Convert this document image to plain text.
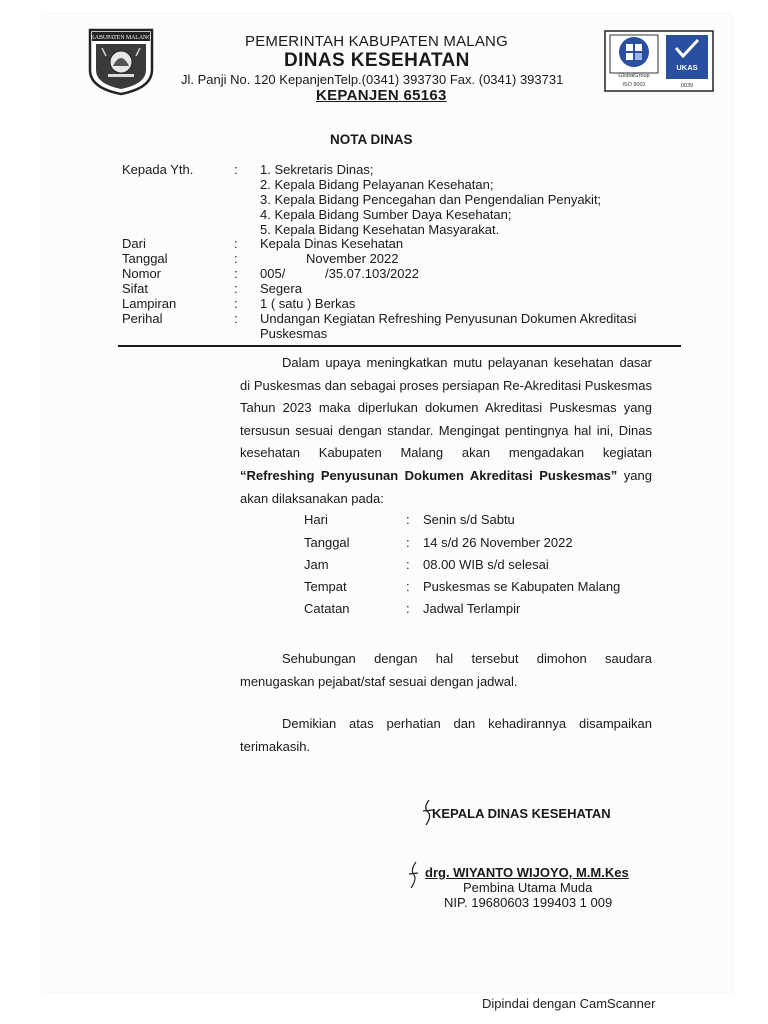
KABUPATEN MALANG
GlobalGroup
ISO 9001
UKAS
0039
PEMERINTAH KABUPATEN MALANG
DINAS KESEHATAN
Jl. Panji No. 120 KepanjenTelp.(0341) 393730 Fax. (0341) 393731
KEPANJEN 65163
NOTA DINAS
Kepada Yth.	: 1. Sekretaris Dinas;
2. Kepala Bidang Pelayanan Kesehatan;
3. Kepala Bidang Pencegahan dan Pengendalian Penyakit;
4. Kepala Bidang Sumber Daya Kesehatan;
5. Kepala Bidang Kesehatan Masyarakat.
Dari	: Kepala Dinas Kesehatan
Tanggal	:	November 2022
Nomor	: 005/	/35.07.103/2022
Sifat	: Segera
Lampiran	: 1 ( satu ) Berkas
Perihal	: Undangan Kegiatan Refreshing Penyusunan Dokumen Akreditasi
Puskesmas
Dalam upaya meningkatkan mutu pelayanan kesehatan dasar di Puskesmas dan sebagai proses persiapan Re-Akreditasi Puskesmas Tahun 2023 maka diperlukan dokumen Akreditasi Puskesmas yang tersusun sesuai dengan standar. Mengingat pentingnya hal ini, Dinas kesehatan Kabupaten Malang akan mengadakan kegiatan “Refreshing Penyusunan Dokumen Akreditasi Puskesmas” yang akan dilaksanakan pada:
Hari	: Senin s/d Sabtu
Tanggal	: 14 s/d 26 November 2022
Jam	: 08.00 WIB s/d selesai
Tempat	: Puskesmas se Kabupaten Malang
Catatan	: Jadwal Terlampir
Sehubungan dengan hal tersebut dimohon saudara menugaskan pejabat/staf sesuai dengan jadwal.
Demikian atas perhatian dan kehadirannya disampaikan terimakasih.
KEPALA DINAS KESEHATAN
drg. WIYANTO WIJOYO, M.M.Kes
Pembina Utama Muda
NIP. 19680603 199403 1 009
Dipindai dengan CamScanner
